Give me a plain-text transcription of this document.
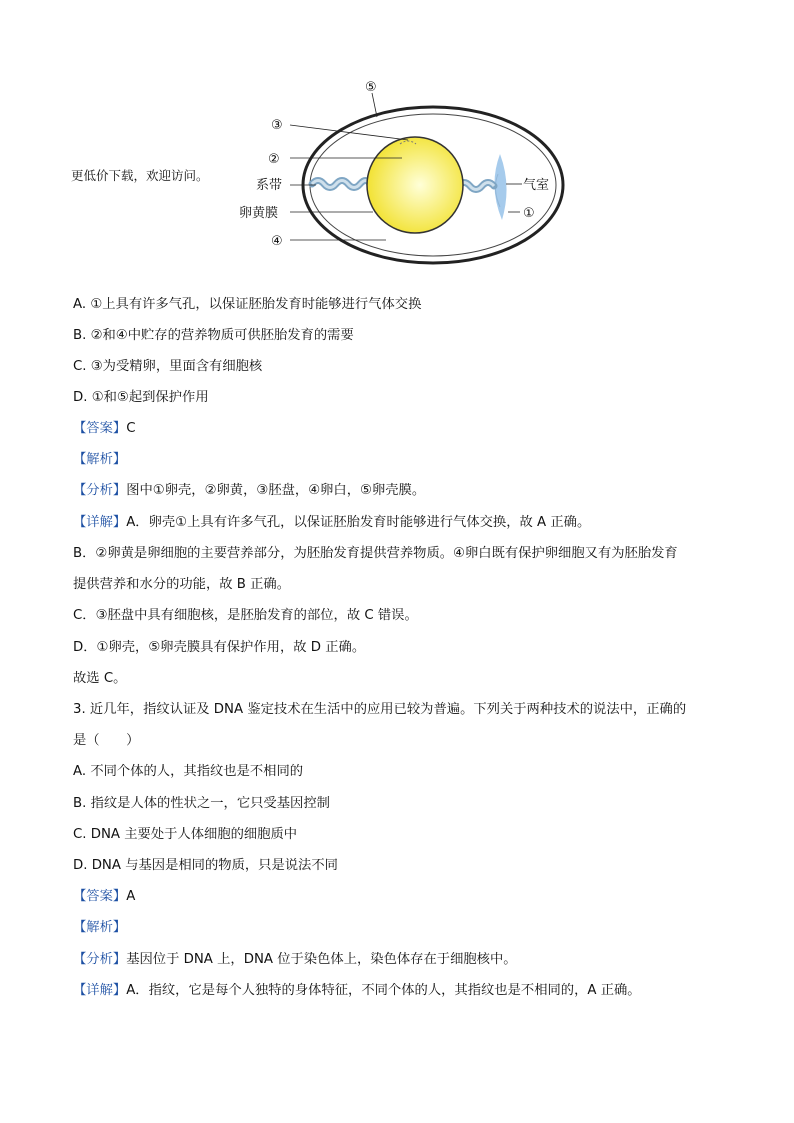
更低价下载，欢迎访问。
⑤
③
②
系带
卵黄膜
④
气室
①
A. ①上具有许多气孔，以保证胚胎发育时能够进行气体交换
B. ②和④中贮存的营养物质可供胚胎发育的需要
C. ③为受精卵，里面含有细胞核
D. ①和⑤起到保护作用
【答案】C
【解析】
【分析】图中①卵壳，②卵黄，③胚盘，④卵白，⑤卵壳膜。
【详解】A．卵壳①上具有许多气孔，以保证胚胎发育时能够进行气体交换，故 A 正确。
B．②卵黄是卵细胞的主要营养部分，为胚胎发育提供营养物质。④卵白既有保护卵细胞又有为胚胎发育
提供营养和水分的功能，故 B 正确。
C．③胚盘中具有细胞核，是胚胎发育的部位，故 C 错误。
D．①卵壳，⑤卵壳膜具有保护作用，故 D 正确。
故选 C。
3. 近几年，指纹认证及 DNA 鉴定技术在生活中的应用已较为普遍。下列关于两种技术的说法中，正确的
是（　　）
A. 不同个体的人，其指纹也是不相同的
B. 指纹是人体的性状之一，它只受基因控制
C. DNA 主要处于人体细胞的细胞质中
D. DNA 与基因是相同的物质，只是说法不同
【答案】A
【解析】
【分析】基因位于 DNA 上，DNA 位于染色体上，染色体存在于细胞核中。
【详解】A．指纹，它是每个人独特的身体特征，不同个体的人，其指纹也是不相同的，A 正确。
